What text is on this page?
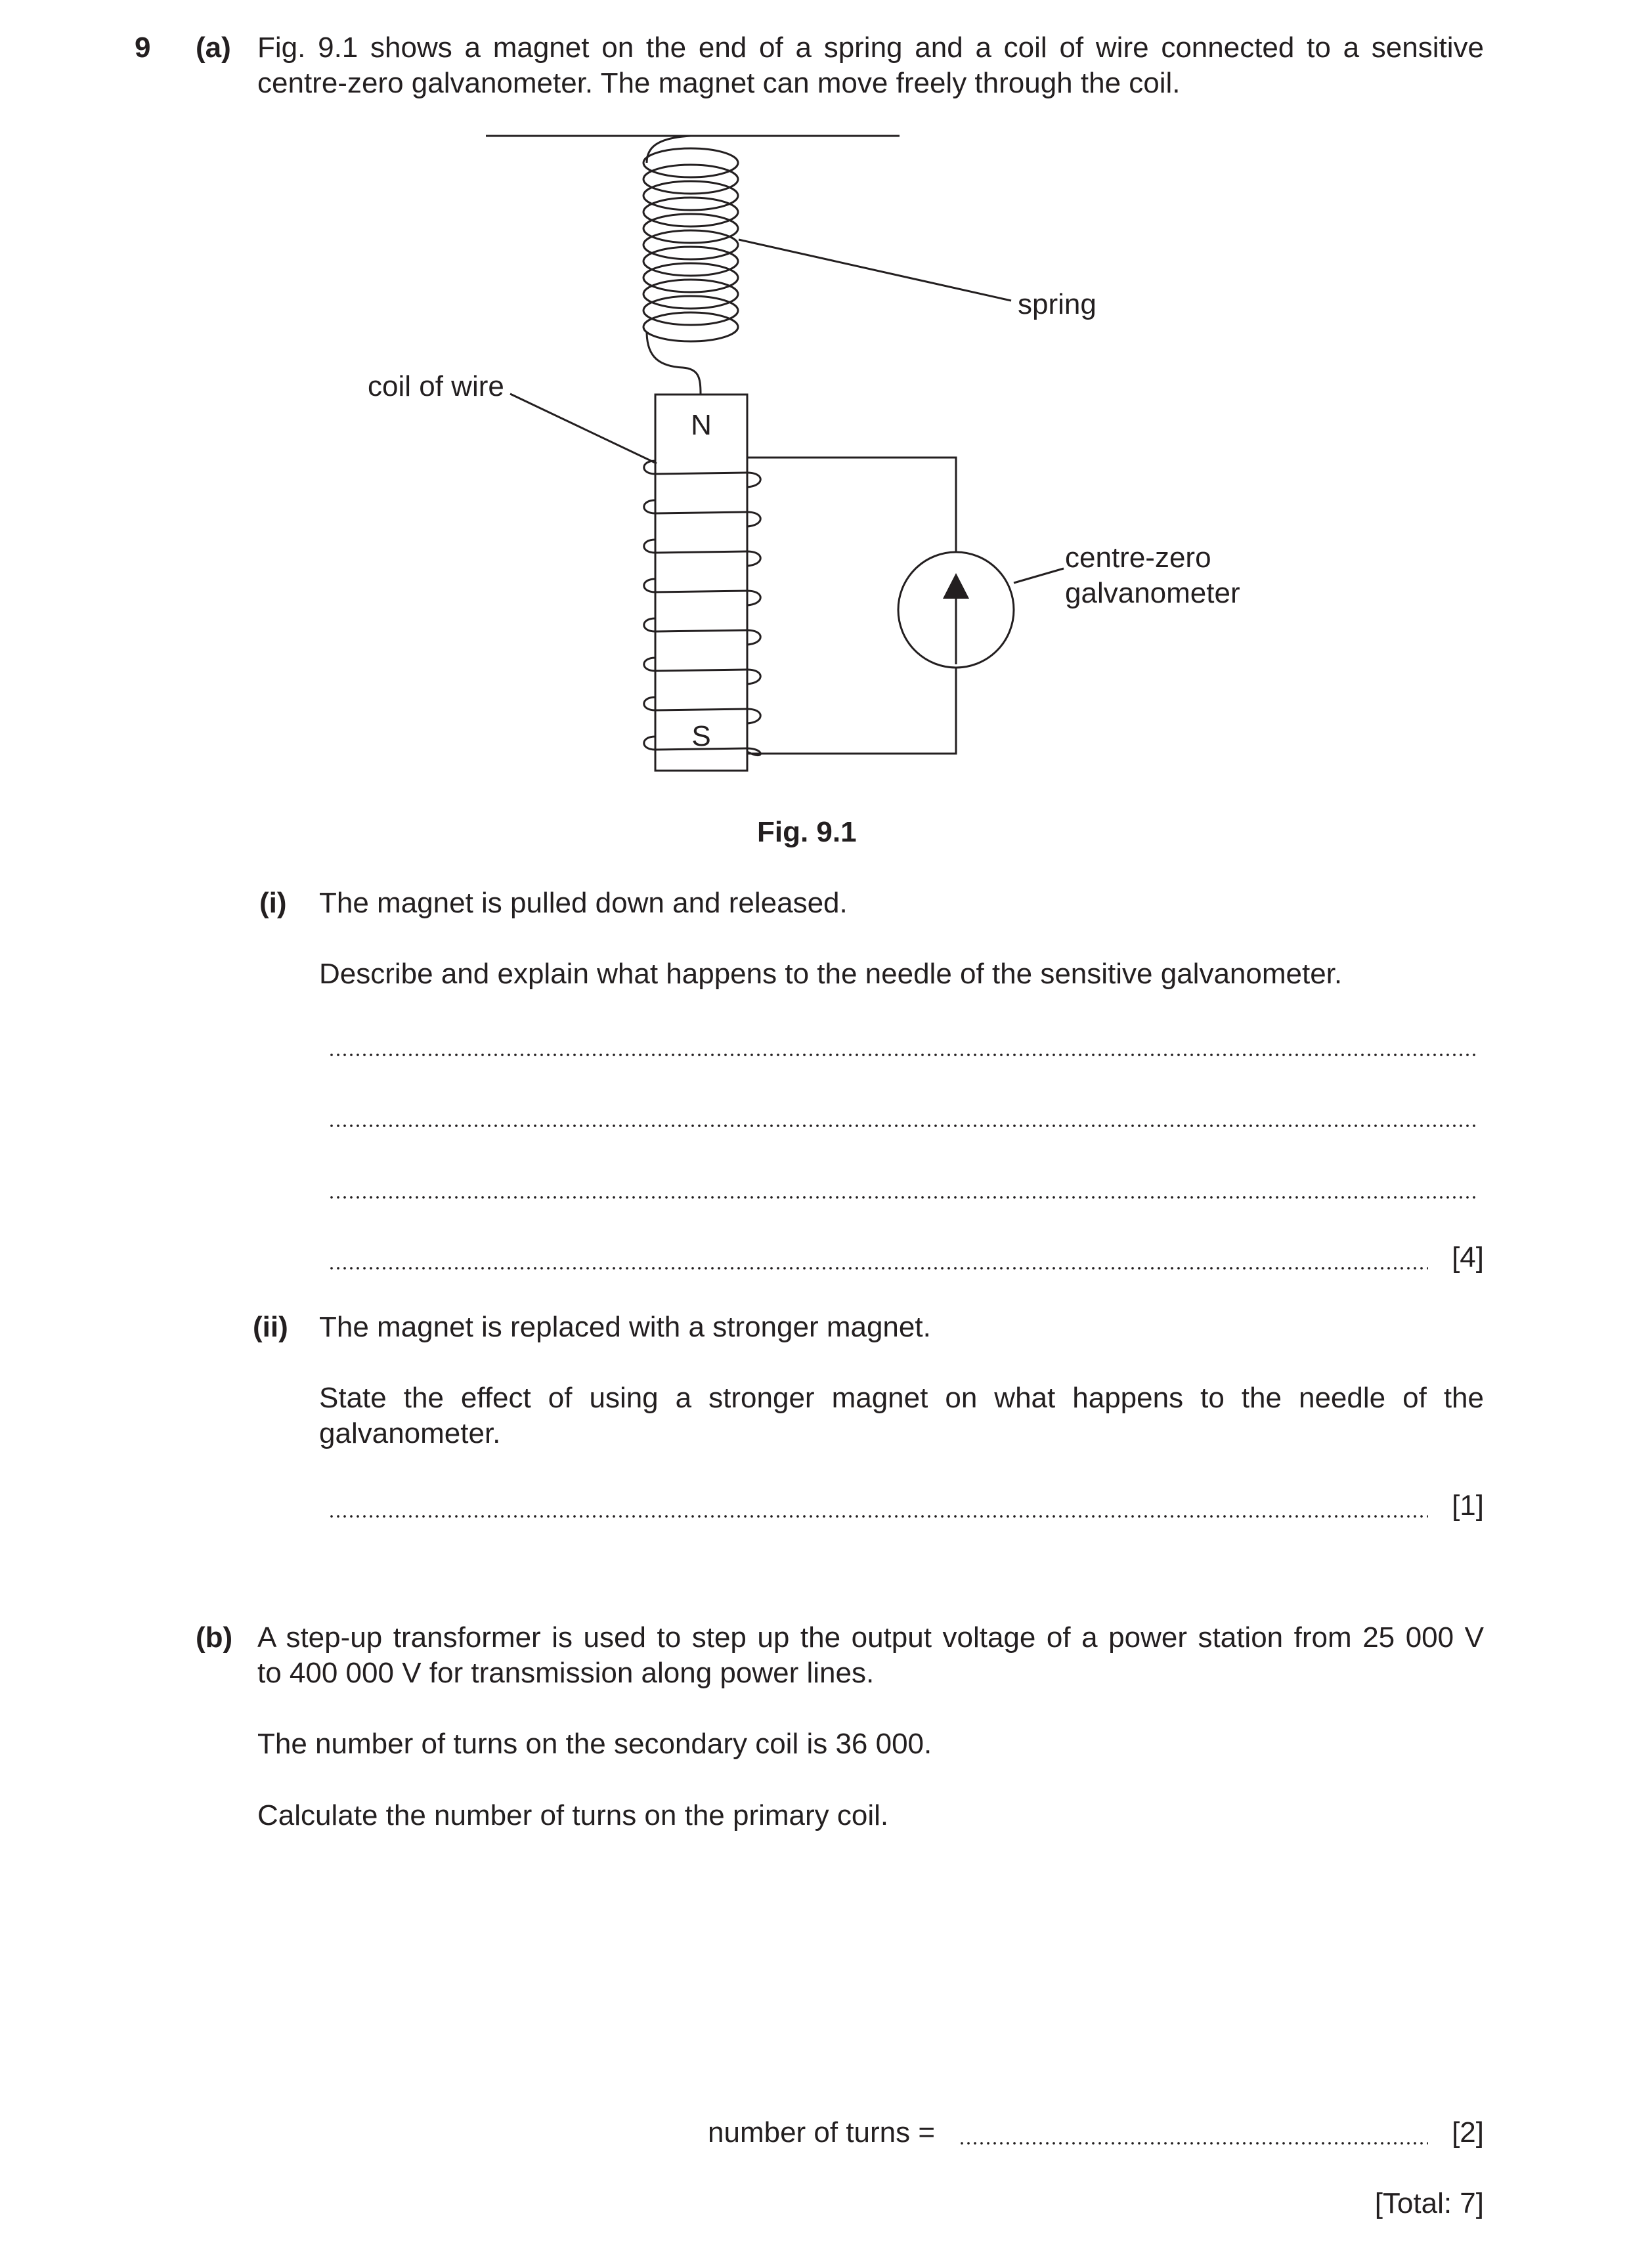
9 (a) Fig. 9.1 shows a magnet on the end of a spring and a coil of wire connected to a sensitive
centre-zero galvanometer. The magnet can move freely through the coil.
spring
coil of wire
centre-zero
galvanometer
N
S
Fig. 9.1
(i) The magnet is pulled down and released.
Describe and explain what happens to the needle of the sensitive galvanometer.
[4]
(ii) The magnet is replaced with a stronger magnet.
State the effect of using a stronger magnet on what happens to the needle of the
galvanometer.
[1]
(b) A step-up transformer is used to step up the output voltage of a power station from 25 000 V
to 400 000 V for transmission along power lines.
The number of turns on the secondary coil is 36 000.
Calculate the number of turns on the primary coil.
number of turns =	[2]
[Total: 7]
